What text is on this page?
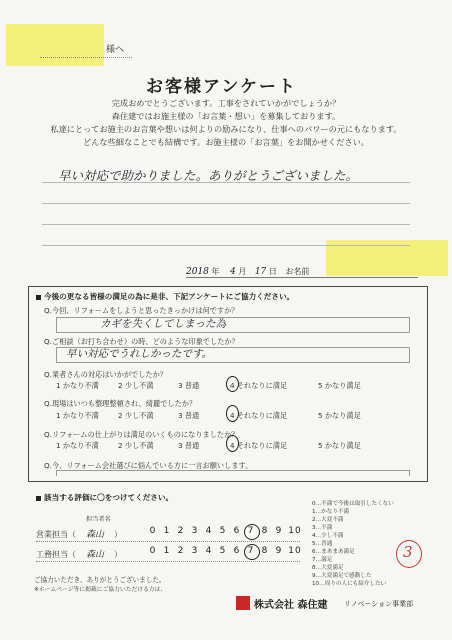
様へ
お客様アンケート
完成おめでとうございます。工事をされていかがでしょうか？
森住建ではお施主様の「お言葉・想い」を募集しております。
私達にとってお施主のお言葉や想いは何よりの励みになり、仕事へのパワーの元にもなります。
どんな些細なことでも結構です。お施主様の「お言葉」をお聞かせください。
早い対応で助かりました。ありがとうございました。
2018 年 4 月 17 日 お名前
今後の更なる皆様の満足の為に是非、下記アンケートにご協力ください。
Q.今回、リフォームをしようと思ったきっかけは何ですか？
カギを失くしてしまった為
Q.ご相談（お打ち合わせ）の時、どのような印象でしたか？
早い対応でうれしかったです。
Q.業者さんの対応はいかがでしたか？
1 かなり不満	2 少し不満	3 普通	4 それなりに満足	5 かなり満足
Q.現場はいつも整理整頓され、綺麗でしたか？
1 かなり不満	2 少し不満	3 普通	4 それなりに満足	5 かなり満足
Q.リフォームの仕上がりは満足のいくものになりましたか？
1 かなり不満	2 少し不満	3 普通	4 それなりに満足	5 かなり満足
Q.今、リフォーム会社選びに悩んでいる方に一言お願いします。
該当する評価に〇をつけてください。
担当者名
営業担当（ 森山 ）	0 1 2 3 4 5 6 7 8 9 10
工務担当（ 森山 ）	0 1 2 3 4 5 6 7 8 9 10
0…不満で今後は取引したくない
1…かなり不満
2…大変不満
3…不満
4…少し不満
5…普通
6…まあまあ満足
7…満足
8…大変満足
9…大変満足で感動した
10…周りの人にも紹介したい
3
ご協力いただき、ありがとうございました。
※ホームページ等に掲載にご協力いただける方は、
株式会社 森住建 リノベーション事業部
